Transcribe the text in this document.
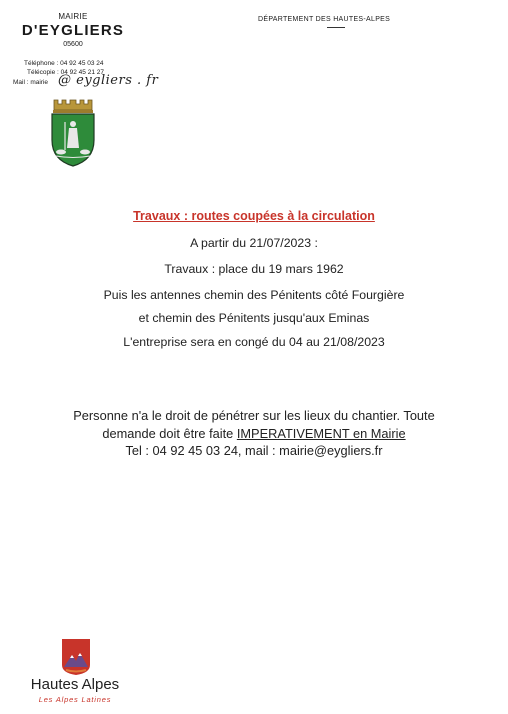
MAIRIE
D'EYGLIERS
05600
Téléphone : 04 92 45 03 24
Télécopie : 04 92 45 21 27
Mail : mairie @ eygliers . fr
DÉPARTEMENT DES HAUTES-ALPES
Travaux : routes coupées à la circulation
A partir du 21/07/2023 :
Travaux : place du 19 mars 1962
Puis les antennes chemin des Pénitents côté Fourgière
et chemin des Pénitents jusqu'aux Eminas
L'entreprise sera en congé du 04 au 21/08/2023
Personne n'a le droit de pénétrer sur les lieux du chantier. Toute
demande doit être faite IMPERATIVEMENT en Mairie
Tel : 04 92 45 03 24, mail : mairie@eygliers.fr
Hautes Alpes
Les Alpes Latines
